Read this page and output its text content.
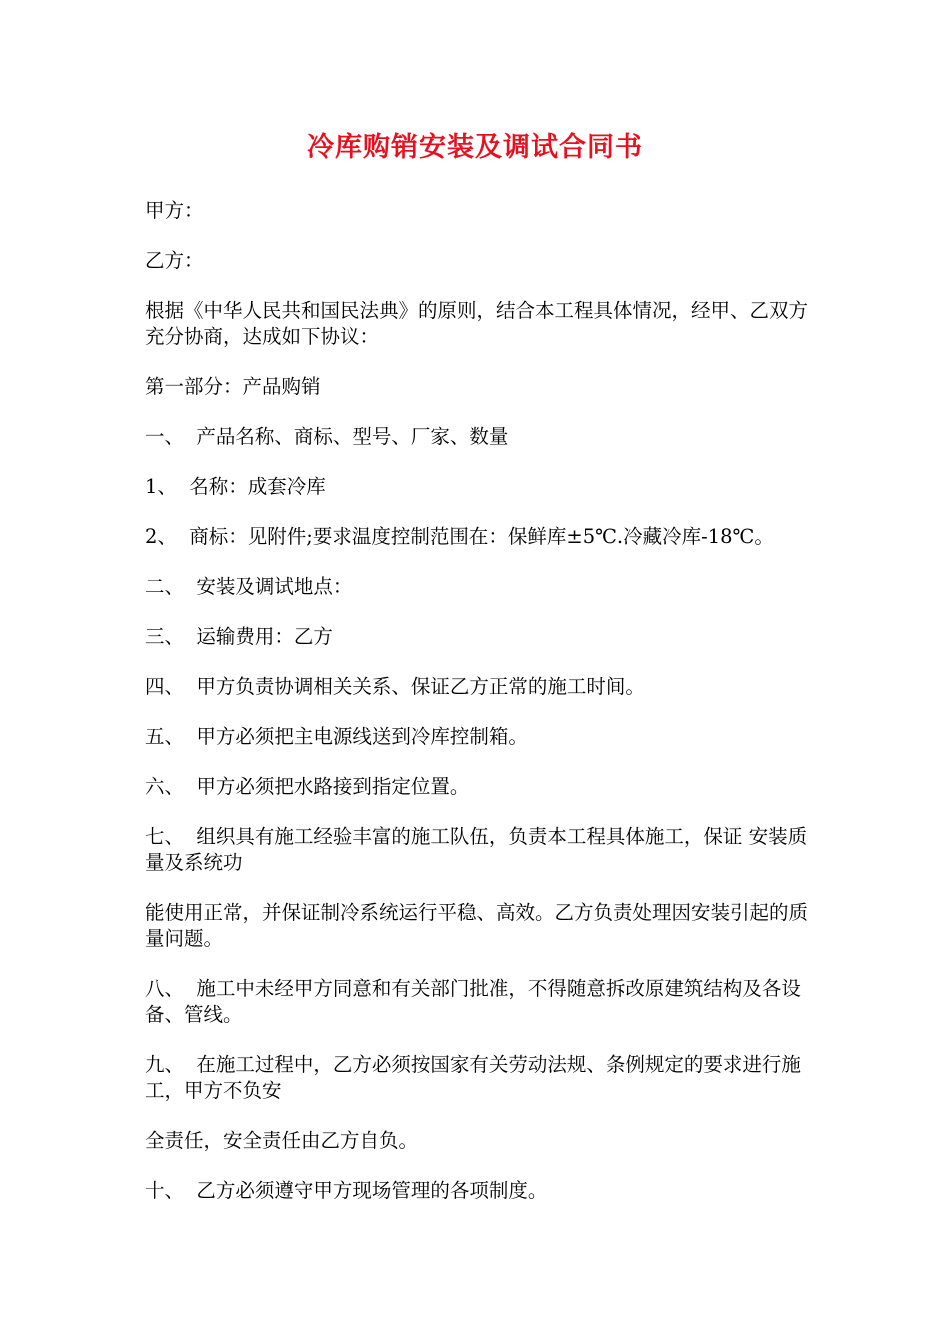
冷库购销安装及调试合同书

甲方：

乙方：

根据《中华人民共和国民法典》的原则，结合本工程具体情况，经甲、乙双方充分协商，达成如下协议：

第一部分：产品购销

一、  产品名称、商标、型号、厂家、数量

1、  名称：成套冷库

2、  商标：见附件;要求温度控制范围在：保鲜库±5℃.冷藏冷库-18℃。

二、  安装及调试地点：

三、  运输费用：乙方

四、  甲方负责协调相关关系、保证乙方正常的施工时间。

五、  甲方必须把主电源线送到冷库控制箱。

六、  甲方必须把水路接到指定位置。

七、  组织具有施工经验丰富的施工队伍，负责本工程具体施工，保证 安装质量及系统功

能使用正常，并保证制冷系统运行平稳、高效。乙方负责处理因安装引起的质量问题。

八、  施工中未经甲方同意和有关部门批准，不得随意拆改原建筑结构及各设备、管线。

九、  在施工过程中，乙方必须按国家有关劳动法规、条例规定的要求进行施工，甲方不负安

全责任，安全责任由乙方自负。

十、  乙方必须遵守甲方现场管理的各项制度。
